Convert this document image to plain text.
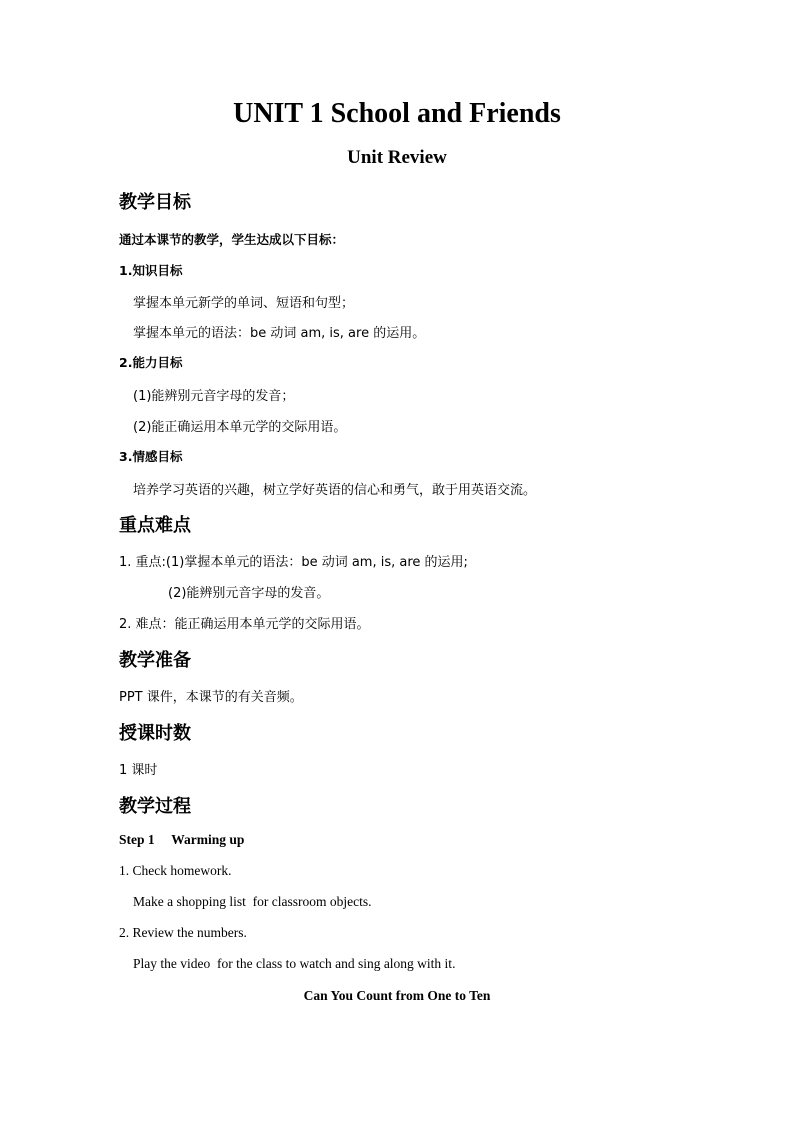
UNIT 1 School and Friends
Unit Review
教学目标
通过本课节的教学，学生达成以下目标：
1.知识目标
掌握本单元新学的单词、短语和句型；
掌握本单元的语法：be 动词 am, is, are 的运用。
2.能力目标
(1)能辨别元音字母的发音；
(2)能正确运用本单元学的交际用语。
3.情感目标
培养学习英语的兴趣，树立学好英语的信心和勇气，敢于用英语交流。
重点难点
1. 重点:(1)掌握本单元的语法：be 动词 am, is, are 的运用;
(2)能辨别元音字母的发音。
2. 难点：能正确运用本单元学的交际用语。
教学准备
PPT 课件，本课节的有关音频。
授课时数
1 课时
教学过程
Step 1     Warming up
1. Check homework.
Make a shopping list  for classroom objects.
2. Review the numbers.
Play the video  for the class to watch and sing along with it.
Can You Count from One to Ten
